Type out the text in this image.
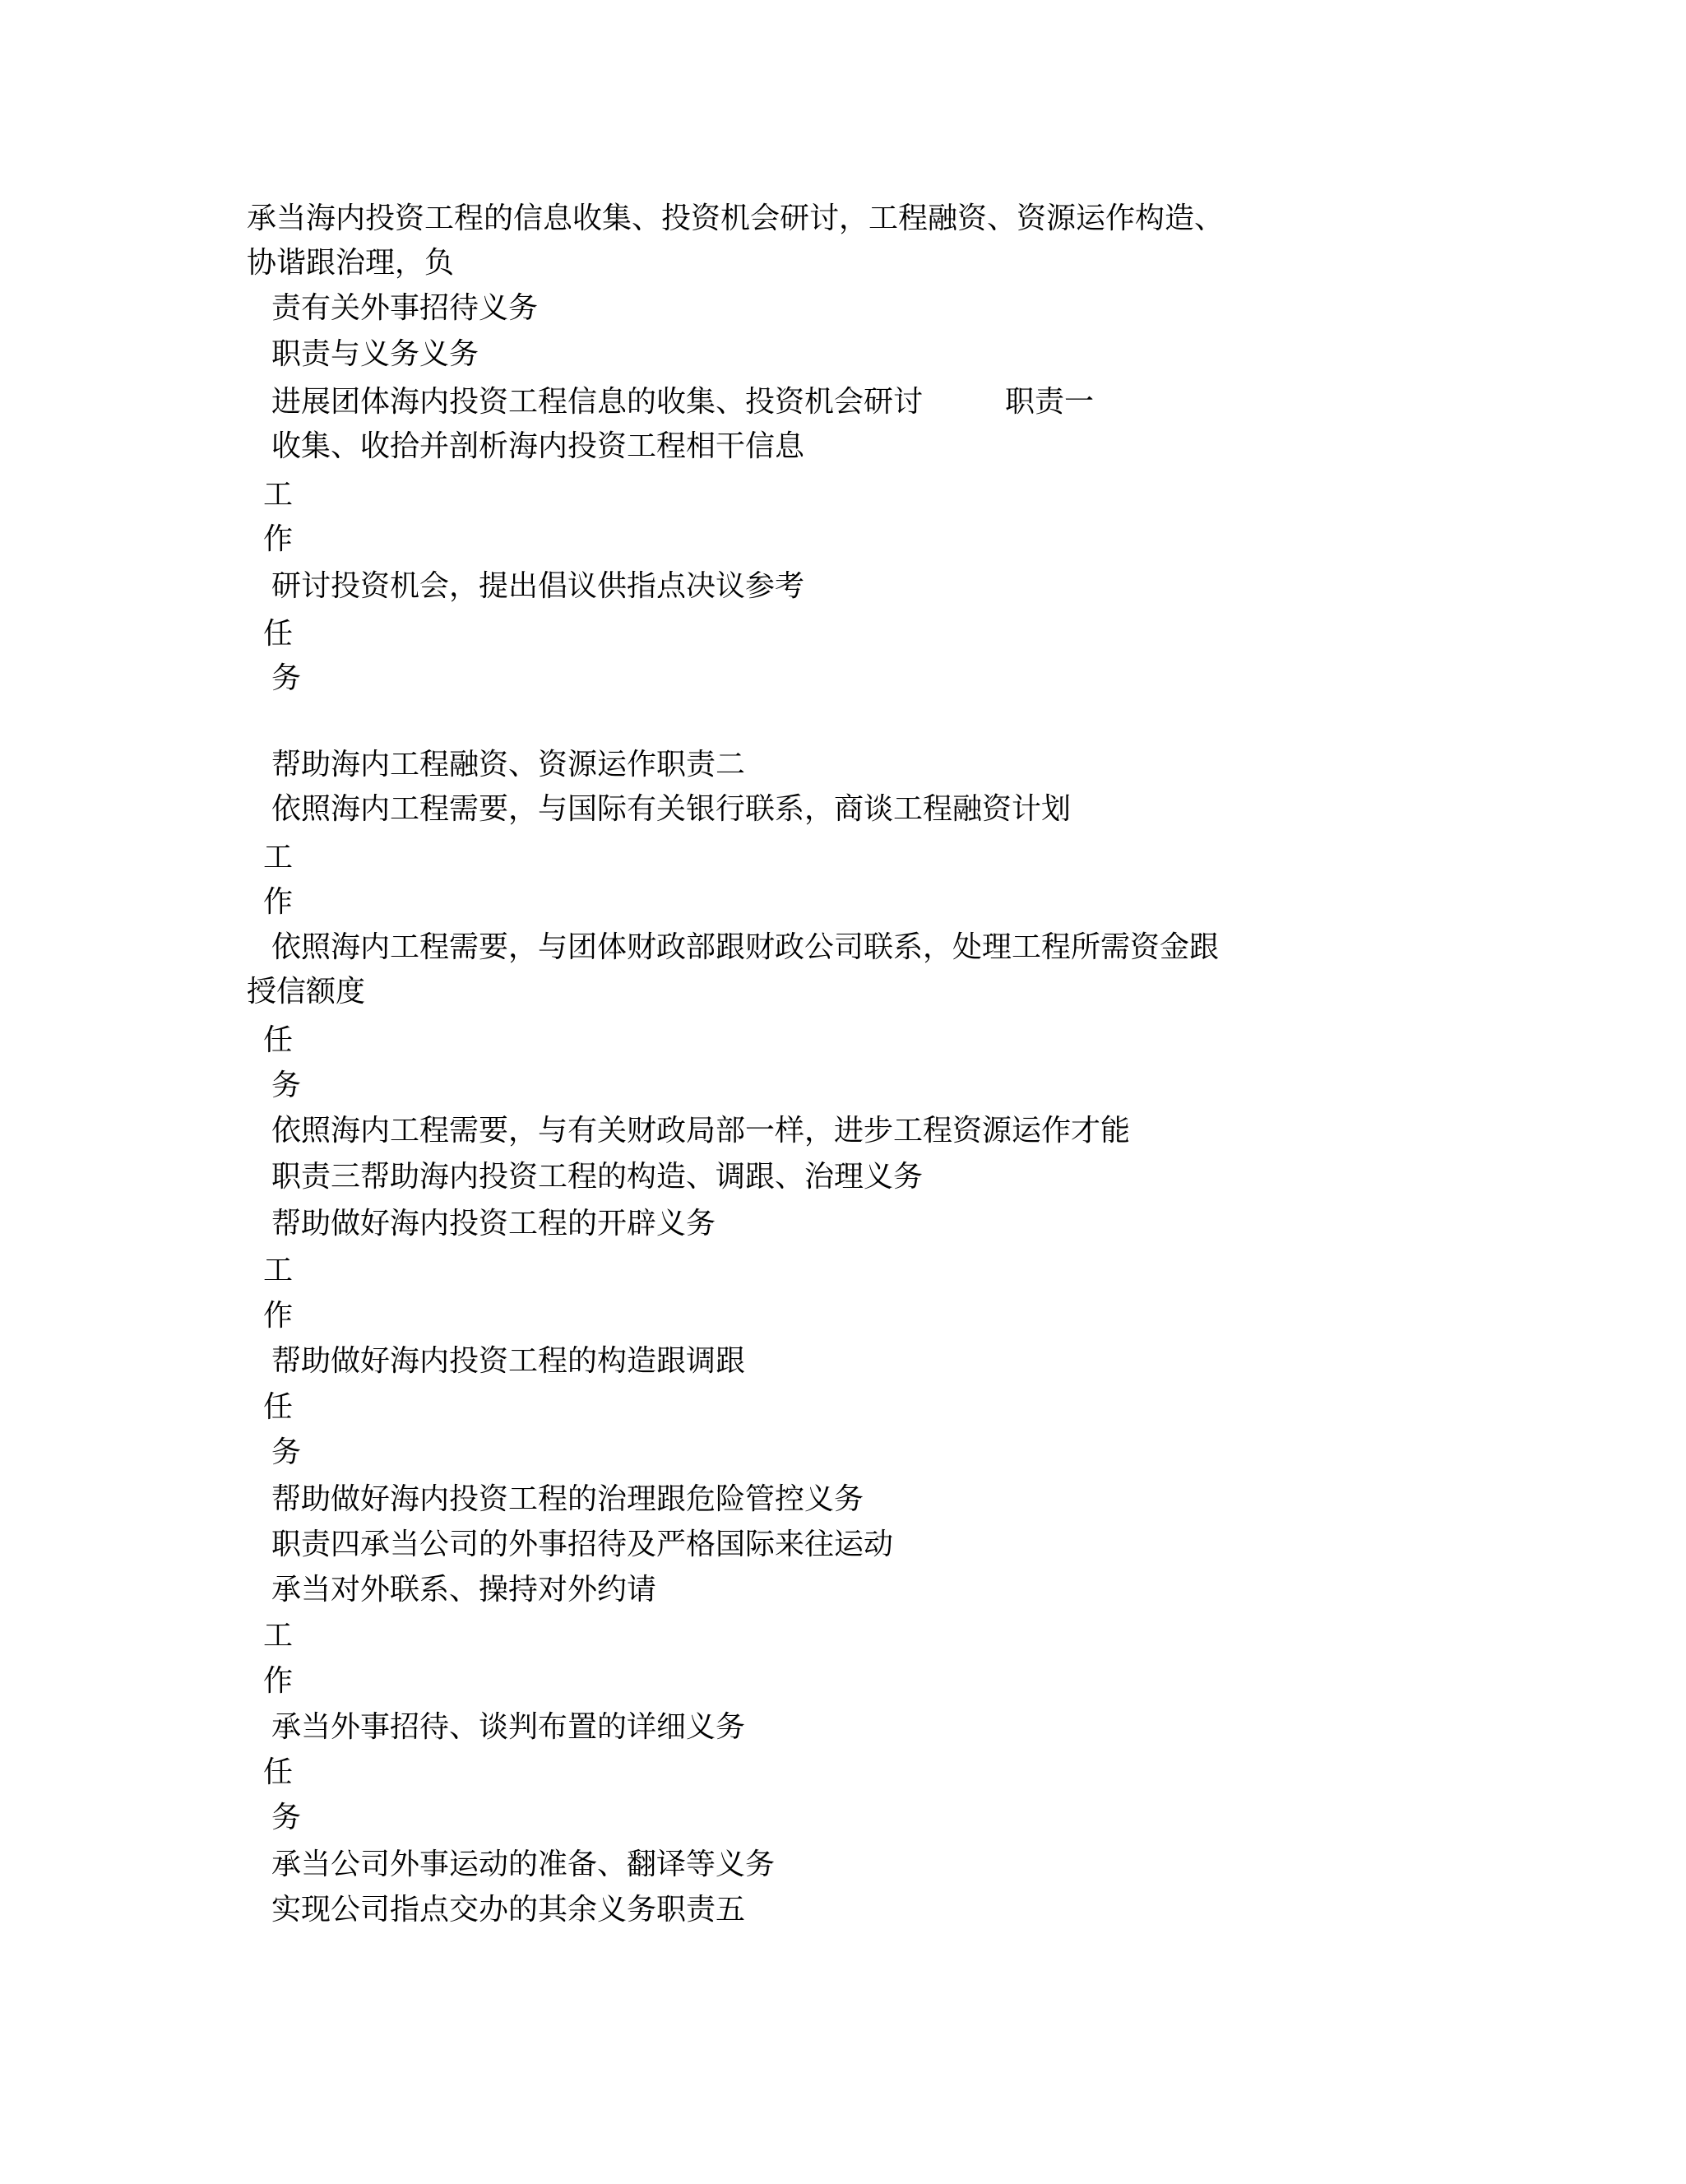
承当海内投资工程的信息收集、投资机会研讨，工程融资、资源运作构造、
协谐跟治理，负
责有关外事招待义务
职责与义务义务
进展团体海内投资工程信息的收集、投资机会研讨	职责一
收集、收拾并剖析海内投资工程相干信息
工
作
研讨投资机会，提出倡议供指点决议参考
任
务
帮助海内工程融资、资源运作职责二
依照海内工程需要，与国际有关银行联系，商谈工程融资计划
工
作
依照海内工程需要，与团体财政部跟财政公司联系，处理工程所需资金跟
授信额度
任
务
依照海内工程需要，与有关财政局部一样，进步工程资源运作才能
职责三帮助海内投资工程的构造、调跟、治理义务
帮助做好海内投资工程的开辟义务
工
作
帮助做好海内投资工程的构造跟调跟
任
务
帮助做好海内投资工程的治理跟危险管控义务
职责四承当公司的外事招待及严格国际来往运动
承当对外联系、操持对外约请
工
作
承当外事招待、谈判布置的详细义务
任
务
承当公司外事运动的准备、翻译等义务
实现公司指点交办的其余义务职责五
